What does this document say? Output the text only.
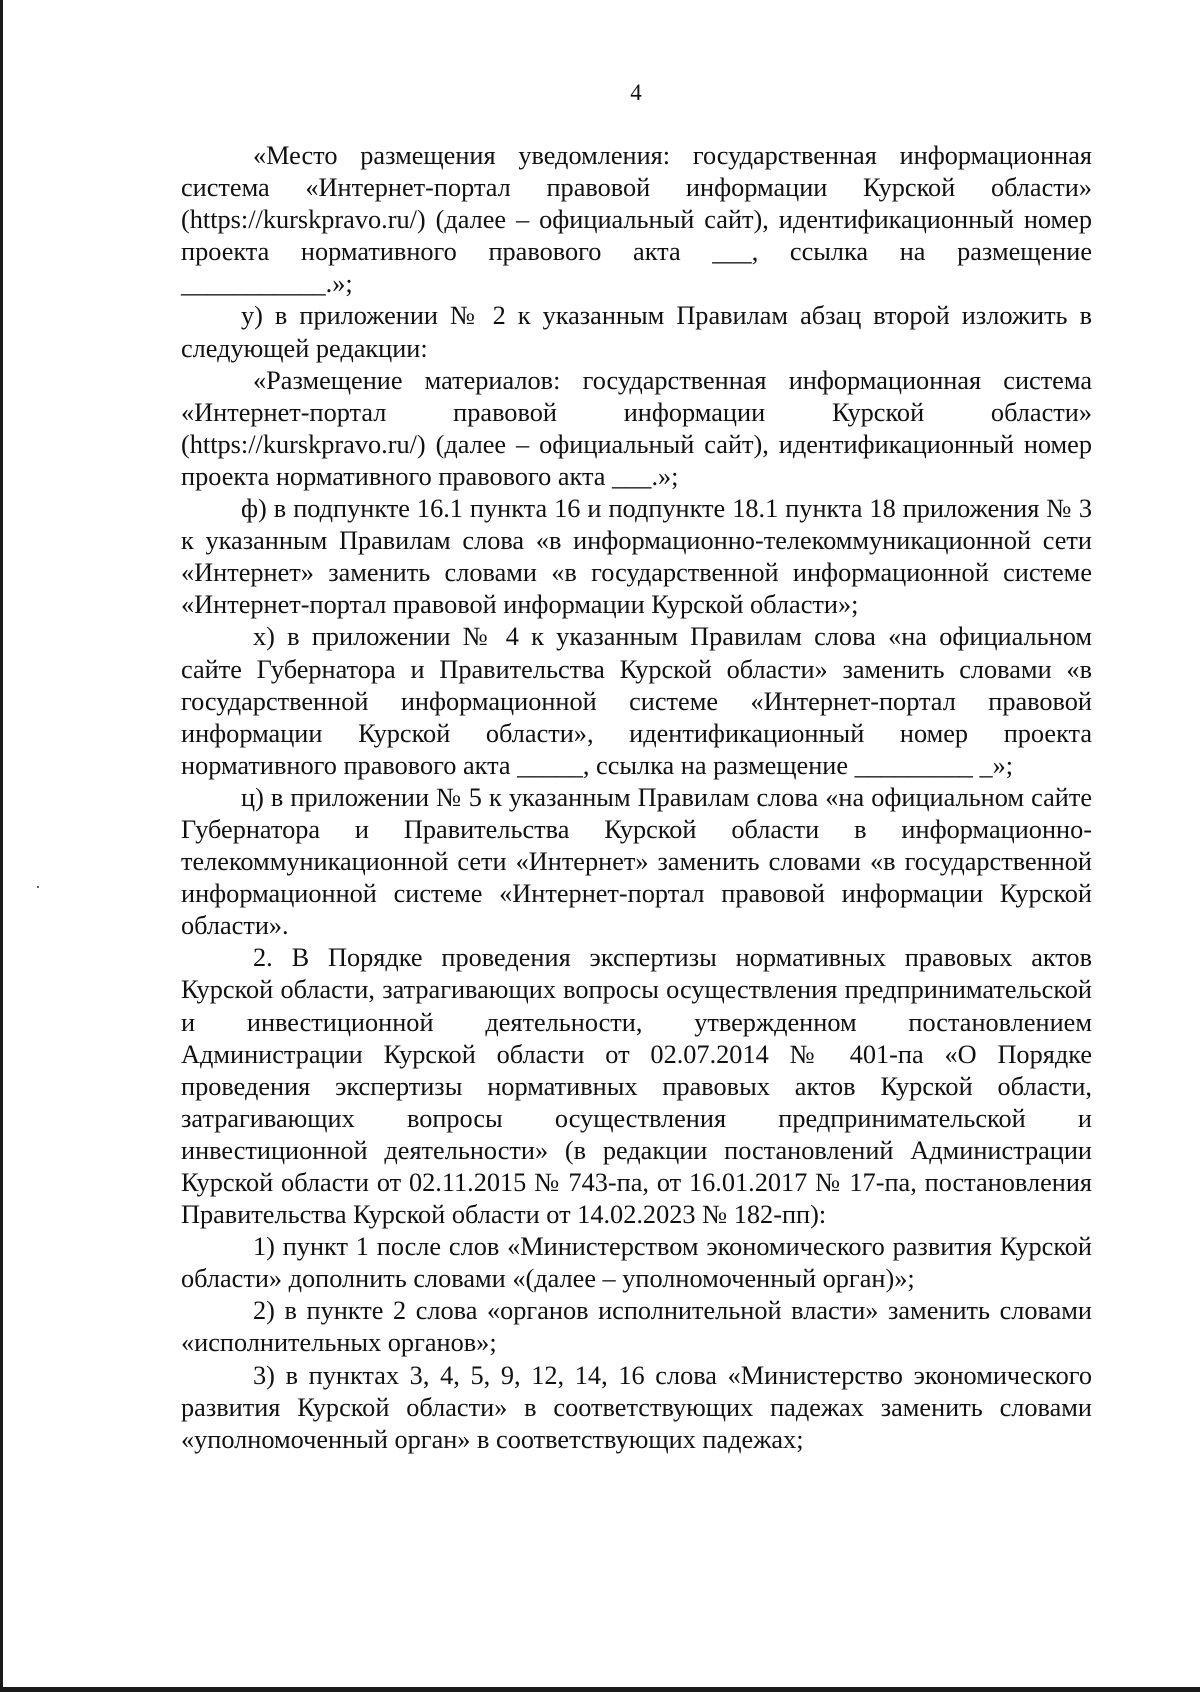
4

«Место размещения уведомления: государственная информационная система «Интернет-портал правовой информации Курской области» (https://kurskpravo.ru/) (далее – официальный сайт), идентификационный номер проекта нормативного правового акта ___, ссылка на размещение ___________.»;

у) в приложении № 2 к указанным Правилам абзац второй изложить в следующей редакции:

«Размещение материалов: государственная информационная система «Интернет-портал правовой информации Курской области» (https://kurskpravo.ru/) (далее – официальный сайт), идентификационный номер проекта нормативного правового акта ___.»;

ф) в подпункте 16.1 пункта 16 и подпункте 18.1 пункта 18 приложения № 3 к указанным Правилам слова «в информационно-телекоммуникационной сети «Интернет» заменить словами «в государственной информационной системе «Интернет-портал правовой информации Курской области»;

х) в приложении № 4 к указанным Правилам слова «на официальном сайте Губернатора и Правительства Курской области» заменить словами «в государственной информационной системе «Интернет-портал правовой информации Курской области», идентификационный номер проекта нормативного правового акта _____, ссылка на размещение _________ _»;

ц) в приложении № 5 к указанным Правилам слова «на официальном сайте Губернатора и Правительства Курской области в информационно-телекоммуникационной сети «Интернет» заменить словами «в государственной информационной системе «Интернет-портал правовой информации Курской области».

2. В Порядке проведения экспертизы нормативных правовых актов Курской области, затрагивающих вопросы осуществления предпринимательской и инвестиционной деятельности, утвержденном постановлением Администрации Курской области от 02.07.2014 № 401-па «О Порядке проведения экспертизы нормативных правовых актов Курской области, затрагивающих вопросы осуществления предпринимательской и инвестиционной деятельности» (в редакции постановлений Администрации Курской области от 02.11.2015 № 743-па, от 16.01.2017 № 17-па, постановления Правительства Курской области от 14.02.2023 № 182-пп):

1) пункт 1 после слов «Министерством экономического развития Курской области» дополнить словами «(далее – уполномоченный орган)»;

2) в пункте 2 слова «органов исполнительной власти» заменить словами «исполнительных органов»;

3) в пунктах 3, 4, 5, 9, 12, 14, 16 слова «Министерство экономического развития Курской области» в соответствующих падежах заменить словами «уполномоченный орган» в соответствующих падежах;
